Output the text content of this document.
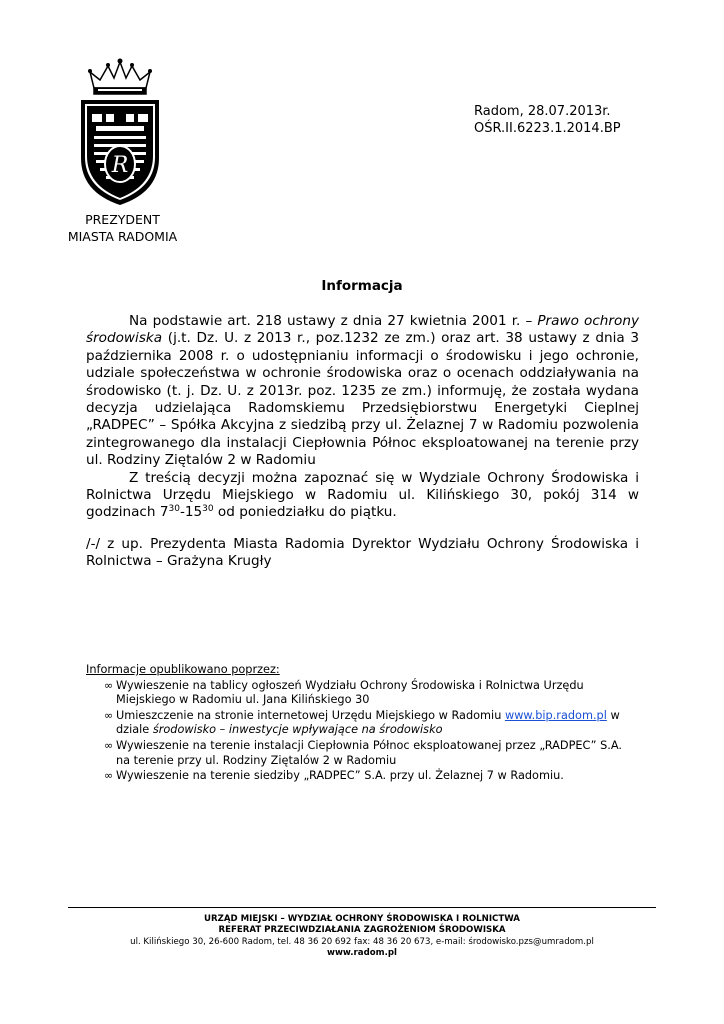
R
PREZYDENT
MIASTA RADOMIA
Radom, 28.07.2013r.
OŚR.II.6223.1.2014.BP
Informacja

Na podstawie art. 218 ustawy z dnia 27 kwietnia 2001 r. – Prawo ochrony środowiska (j.t. Dz. U. z 2013 r., poz.1232 ze zm.) oraz art. 38 ustawy z dnia 3 października 2008 r. o udostępnianiu informacji o środowisku i jego ochronie, udziale społeczeństwa w ochronie środowiska oraz o ocenach oddziaływania na środowisko (t. j. Dz. U. z 2013r. poz. 1235 ze zm.) informuję, że została wydana decyzja udzielająca Radomskiemu Przedsiębiorstwu Energetyki Cieplnej „RADPEC” – Spółka Akcyjna z siedzibą przy ul. Żelaznej 7 w Radomiu pozwolenia zintegrowanego dla instalacji Ciepłownia Północ eksploatowanej na terenie przy ul. Rodziny Ziętalów 2 w Radomiu

Z treścią decyzji można zapoznać się w Wydziale Ochrony Środowiska i Rolnictwa Urzędu Miejskiego w Radomiu ul. Kilińskiego 30, pokój 314 w godzinach $7^{30}-15^{30}$ od poniedziałku do piątku.

/-/ z up. Prezydenta Miasta Radomia Dyrektor Wydziału Ochrony Środowiska i Rolnictwa – Grażyna Krugły

Informacje opublikowano poprzez:
∞ Wywieszenie na tablicy ogłoszeń Wydziału Ochrony Środowiska i Rolnictwa Urzędu Miejskiego w Radomiu ul. Jana Kilińskiego 30
∞ Umieszczenie na stronie internetowej Urzędu Miejskiego w Radomiu www.bip.radom.pl w dziale środowisko – inwestycje wpływające na środowisko
∞ Wywieszenie na terenie instalacji Ciepłownia Północ eksploatowanej przez „RADPEC” S.A. na terenie przy ul. Rodziny Ziętalów 2 w Radomiu
∞ Wywieszenie na terenie siedziby „RADPEC” S.A. przy ul. Żelaznej 7 w Radomiu.
URZĄD MIEJSKI – WYDZIAŁ OCHRONY ŚRODOWISKA I ROLNICTWA
REFERAT PRZECIWDZIAŁANIA ZAGROŻENIOM ŚRODOWISKA
ul. Kilińskiego 30, 26-600 Radom, tel. 48 36 20 692 fax: 48 36 20 673, e-mail: środowisko.pzs@umradom.pl
www.radom.pl
